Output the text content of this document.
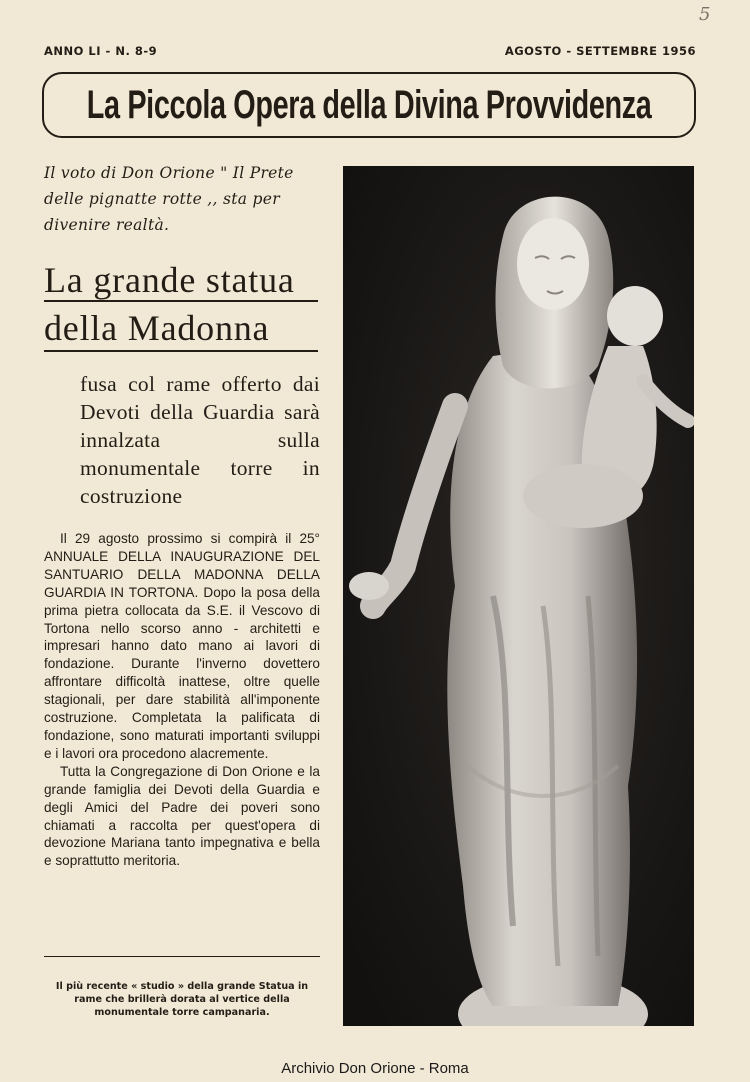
5
ANNO LI - N. 8-9	AGOSTO - SETTEMBRE 1956
La Piccola Opera della Divina Provvidenza
Il voto di Don Orione " Il Prete delle pignatte rotte ,, sta per divenire realtà.
La grande statua
della Madonna
fusa col rame offerto dai Devoti della Guardia sarà innalzata sulla monumentale torre in costruzione

Il 29 agosto prossimo si compirà il 25° ANNUALE DELLA INAUGURAZIONE DEL SANTUARIO DELLA MADONNA DELLA GUARDIA IN TORTONA. Dopo la posa della prima pietra collocata da S.E. il Vescovo di Tortona nello scorso anno - architetti e impresari hanno dato mano ai lavori di fondazione. Durante l'inverno dovettero affrontare difficoltà inattese, oltre quelle stagionali, per dare stabilità all'imponente costruzione. Completata la palificata di fondazione, sono maturati importanti sviluppi e i lavori ora procedono alacremente.

Tutta la Congregazione di Don Orione e la grande famiglia dei Devoti della Guardia e degli Amici del Padre dei poveri sono chiamati a raccolta per quest'opera di devozione Mariana tanto impegnativa e bella e soprattutto meritoria.

Il più recente « studio » della grande Statua in rame che brillerà dorata al vertice della monumentale torre campanaria.
Archivio Don Orione - Roma
